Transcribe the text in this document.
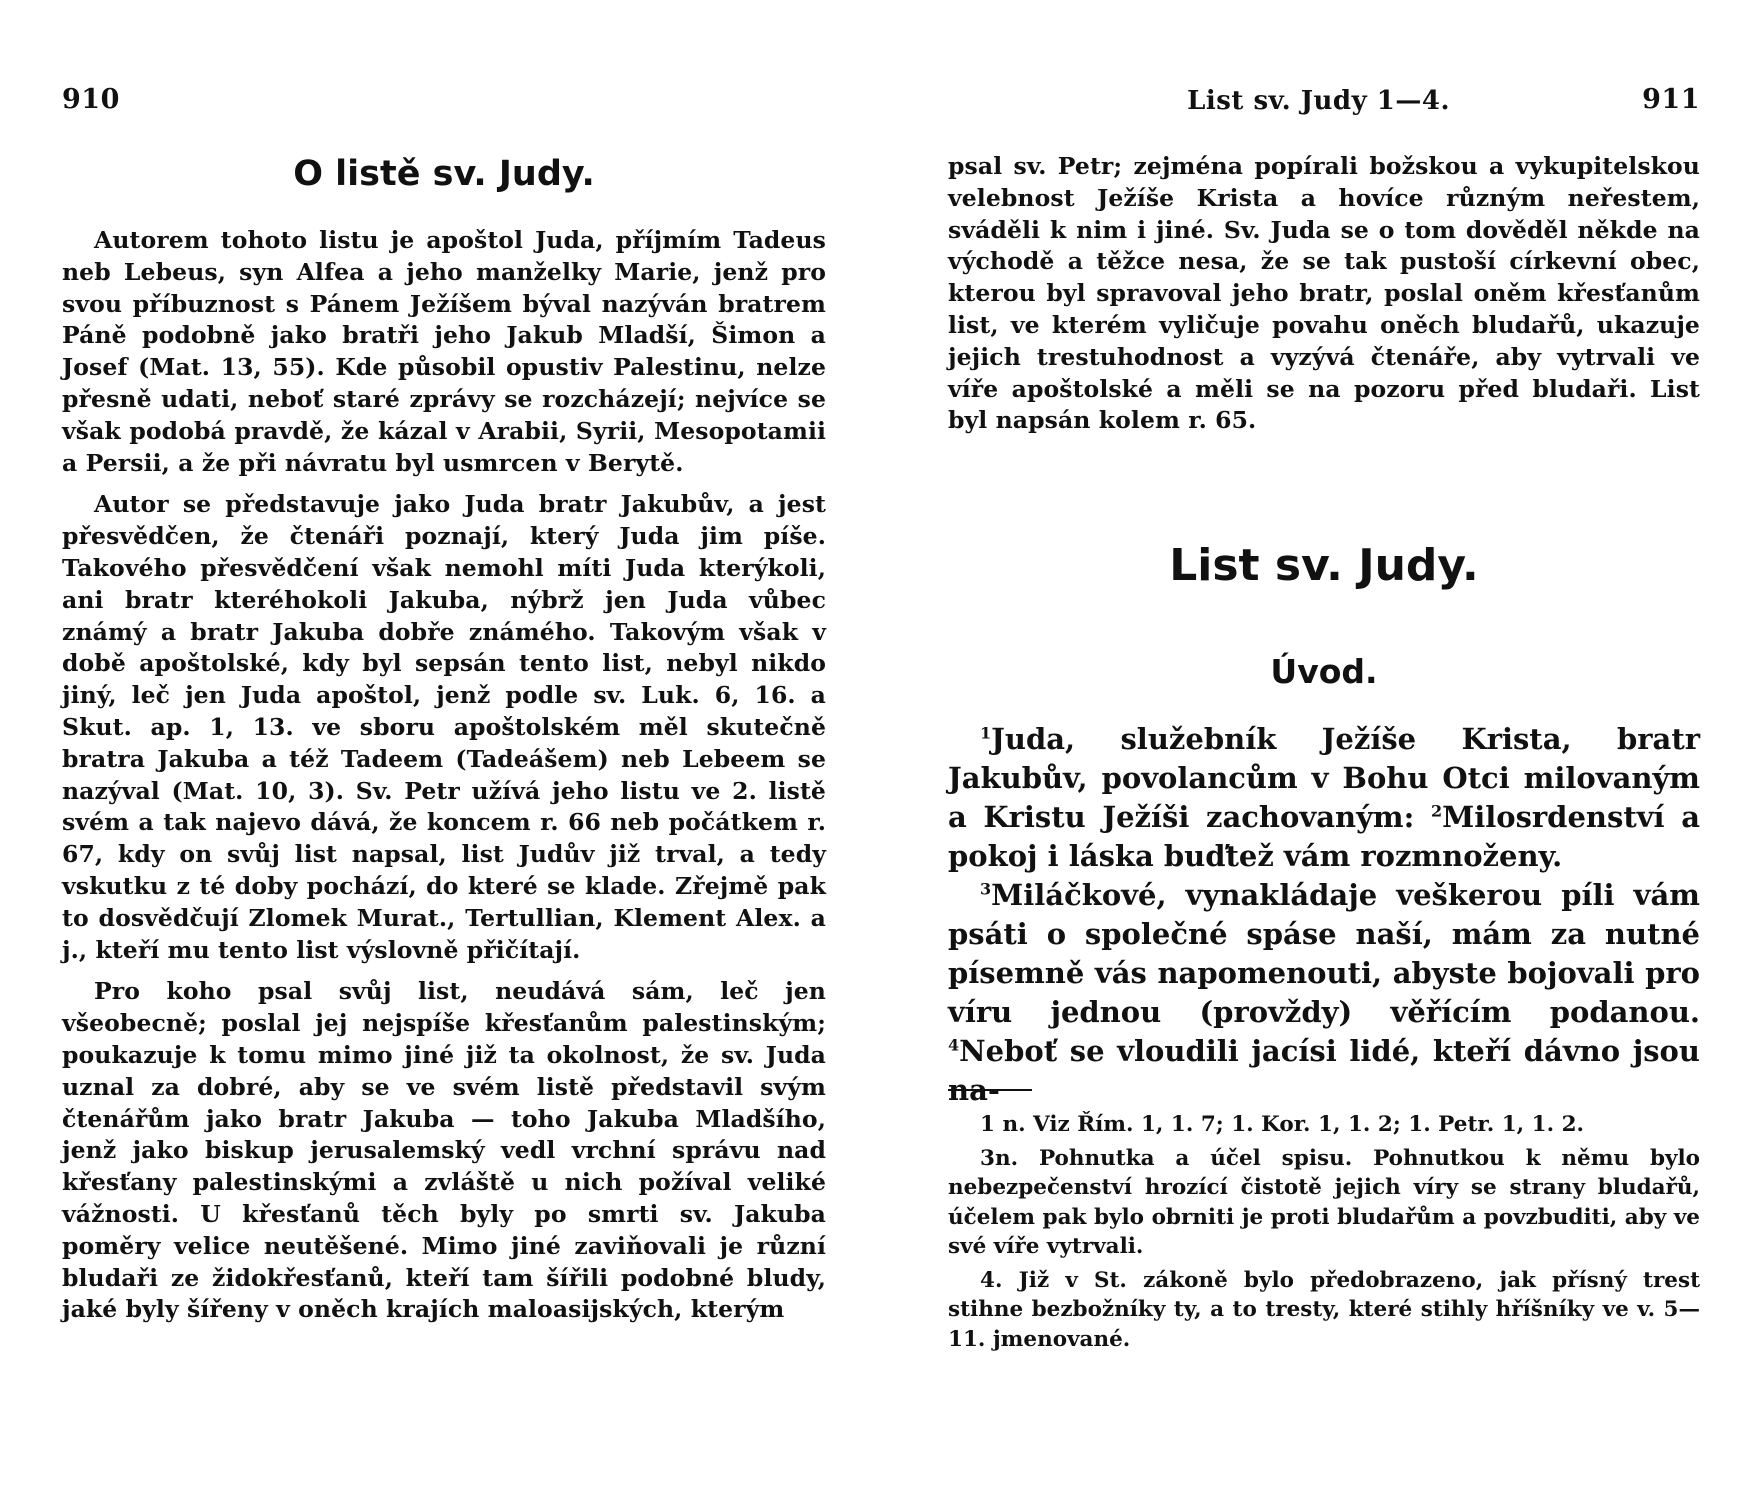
910
O listě sv. Judy.

Autorem tohoto listu je apoštol Juda, příjmím Tadeus neb Lebeus, syn Alfea a jeho manželky Marie, jenž pro svou příbuznost s Pánem Ježíšem býval nazýván bratrem Páně podobně jako bratři jeho Jakub Mladší, Šimon a Josef (Mat. 13, 55). Kde působil opustiv Palestinu, nelze přesně udati, neboť staré zprávy se rozcházejí; nejvíce se však podobá pravdě, že kázal v Arabii, Syrii, Mesopotamii a Persii, a že při návratu byl usmrcen v Berytě.

Autor se představuje jako Juda bratr Jakubův, a jest přesvědčen, že čtenáři poznají, který Juda jim píše. Takového přesvědčení však nemohl míti Juda kterýkoli, ani bratr kteréhokoli Jakuba, nýbrž jen Juda vůbec známý a bratr Jakuba dobře známého. Takovým však v době apoštolské, kdy byl sepsán tento list, nebyl nikdo jiný, leč jen Juda apoštol, jenž podle sv. Luk. 6, 16. a Skut. ap. 1, 13. ve sboru apoštolském měl skutečně bratra Jakuba a též Tadeem (Tadeášem) neb Lebeem se nazýval (Mat. 10, 3). Sv. Petr užívá jeho listu ve 2. listě svém a tak najevo dává, že koncem r. 66 neb počátkem r. 67, kdy on svůj list napsal, list Judův již trval, a tedy vskutku z té doby pochází, do které se klade. Zřejmě pak to dosvědčují Zlomek Murat., Tertullian, Klement Alex. a j., kteří mu tento list výslovně přičítají.

Pro koho psal svůj list, neudává sám, leč jen všeobecně; poslal jej nejspíše křesťanům palestinským; poukazuje k tomu mimo jiné již ta okolnost, že sv. Juda uznal za dobré, aby se ve svém listě představil svým čtenářům jako bratr Jakuba — toho Jakuba Mladšího, jenž jako biskup jerusalemský vedl vrchní správu nad křesťany palestinskými a zvláště u nich požíval veliké vážnosti. U křesťanů těch byly po smrti sv. Jakuba poměry velice neutěšené. Mimo jiné zaviňovali je různí bludaři ze židokřesťanů, kteří tam šířili podobné bludy, jaké byly šířeny v oněch krajích maloasijských, kterým

List sv. Judy 1—4.	911

psal sv. Petr; zejména popírali božskou a vykupitelskou velebnost Ježíše Krista a hovíce různým neřestem, sváděli k nim i jiné. Sv. Juda se o tom dověděl někde na východě a těžce nesa, že se tak pustoší církevní obec, kterou byl spravoval jeho bratr, poslal oněm křesťanům list, ve kterém vyličuje povahu oněch bludařů, ukazuje jejich trestuhodnost a vyzývá čtenáře, aby vytrvali ve víře apoštolské a měli se na pozoru před bludaři. List byl napsán kolem r. 65.

List sv. Judy.
Úvod.

$^1$Juda, služebník Ježíše Krista, bratr Jakubův, povolancům v Bohu Otci milovaným a Kristu Ježíši zachovaným: $^2$Milosrdenství a pokoj i láska buďtež vám rozmnoženy.

$^3$Miláčkové, vynakládaje veškerou píli vám psáti o společné spáse naší, mám za nutné písemně vás napomenouti, abyste bojovali pro víru jednou (provždy) věřícím podanou. $^4$Neboť se vloudili jacísi lidé, kteří dávno jsou na-

1 n. Viz Řím. 1, 1. 7; 1. Kor. 1, 1. 2; 1. Petr. 1, 1. 2.

3n. Pohnutka a účel spisu. Pohnutkou k němu bylo nebezpečenství hrozící čistotě jejich víry se strany bludařů, účelem pak bylo obrniti je proti bludařům a povzbuditi, aby ve své víře vytrvali.

4. Již v St. zákoně bylo předobrazeno, jak přísný trest stihne bezbožníky ty, a to tresty, které stihly hříšníky ve v. 5—11. jmenované.
